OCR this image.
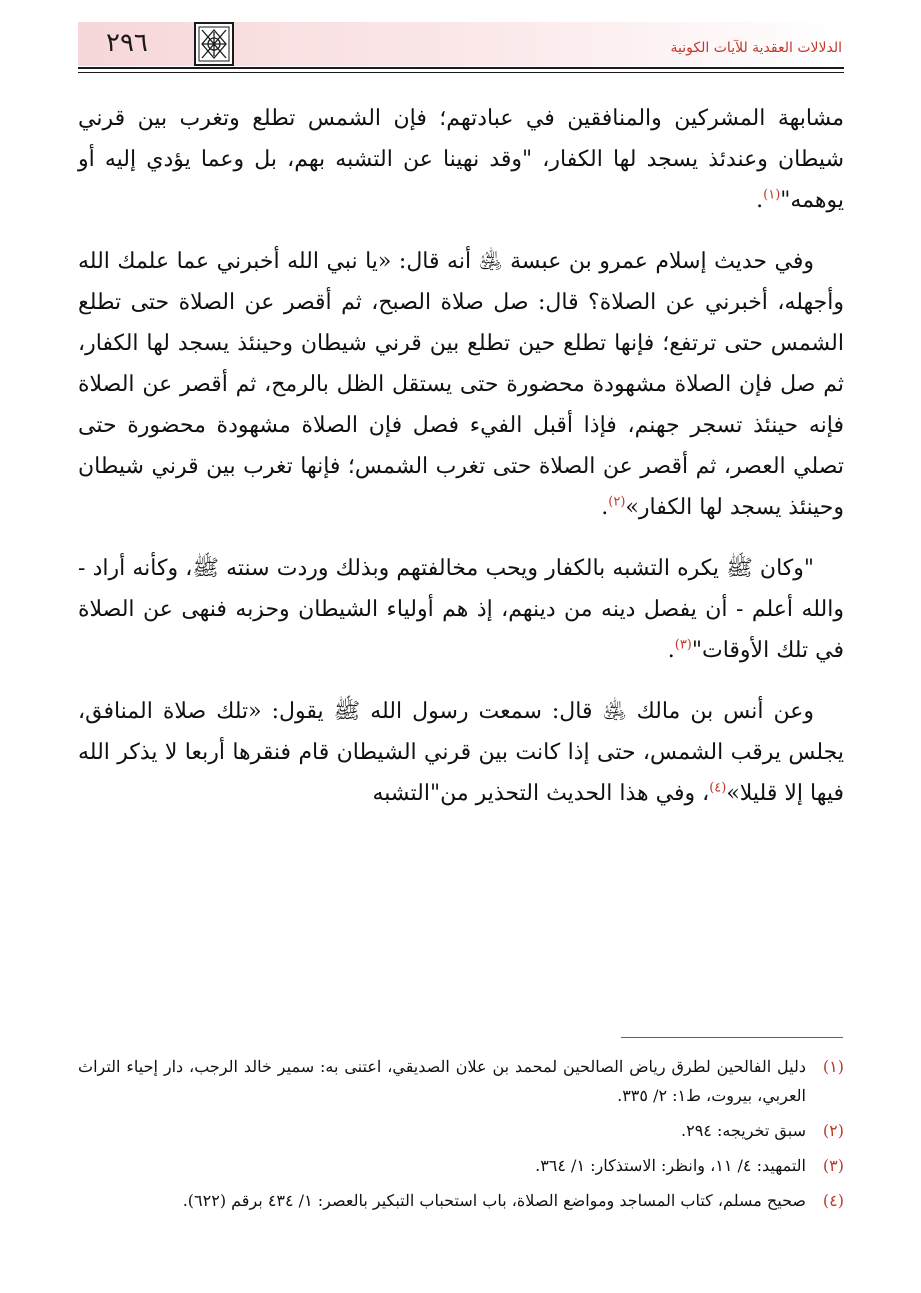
٢٩٦	الدلالات العقدية للآيات الكونية

مشابهة المشركين والمنافقين في عبادتهم؛ فإن الشمس تطلع وتغرب بين قرني شيطان وعندئذ يسجد لها الكفار، "وقد نهينا عن التشبه بهم، بل وعما يؤدي إليه أو يوهمه"$^{(١)}$.

وفي حديث إسلام عمرو بن عبسة ﵁ أنه قال: «يا نبي الله أخبرني عما علمك الله وأجهله، أخبرني عن الصلاة؟ قال: صل صلاة الصبح، ثم أقصر عن الصلاة حتى تطلع الشمس حتى ترتفع؛ فإنها تطلع حين تطلع بين قرني شيطان وحينئذ يسجد لها الكفار، ثم صل فإن الصلاة مشهودة محضورة حتى يستقل الظل بالرمح، ثم أقصر عن الصلاة فإنه حينئذ تسجر جهنم، فإذا أقبل الفيء فصل فإن الصلاة مشهودة محضورة حتى تصلي العصر، ثم أقصر عن الصلاة حتى تغرب الشمس؛ فإنها تغرب بين قرني شيطان وحينئذ يسجد لها الكفار»$^{(٢)}$.

"وكان ﷺ يكره التشبه بالكفار ويحب مخالفتهم وبذلك وردت سنته ﷺ، وكأنه أراد - والله أعلم - أن يفصل دينه من دينهم، إذ هم أولياء الشيطان وحزبه فنهى عن الصلاة في تلك الأوقات"$^{(٣)}$.

وعن أنس بن مالك ﵁ قال: سمعت رسول الله ﷺ يقول: «تلك صلاة المنافق، يجلس يرقب الشمس، حتى إذا كانت بين قرني الشيطان قام فنقرها أربعا لا يذكر الله فيها إلا قليلا»$^{(٤)}$، وفي هذا الحديث التحذير من"التشبه

(١)
دليل الفالحين لطرق رياض الصالحين لمحمد بن علان الصديقي، اعتنى به: سمير خالد الرجب، دار إحياء التراث العربي، بيروت، ط١: ٢/ ٣٣٥.
(٢)
سبق تخريجه: ٢٩٤.
(٣)
التمهيد: ٤/ ١١، وانظر: الاستذكار: ١/ ٣٦٤.
(٤)
صحيح مسلم، كتاب المساجد ومواضع الصلاة، باب استحباب التبكير بالعصر: ١/ ٤٣٤ برقم (٦٢٢).
